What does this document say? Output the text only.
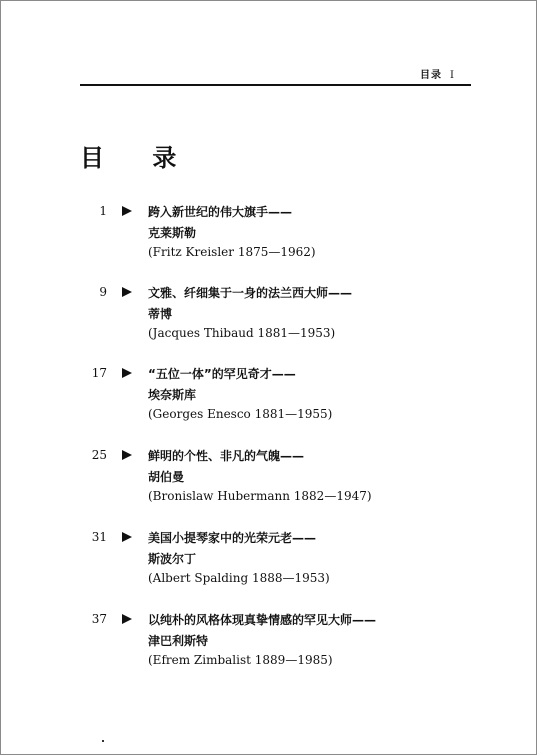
目录 I
目 录
1	跨入新世纪的伟大旗手——
克莱斯勒
(Fritz Kreisler 1875—1962)
9	文雅、纤细集于一身的法兰西大师——
蒂博
(Jacques Thibaud 1881—1953)
17	“五位一体”的罕见奇才——
埃奈斯库
(Georges Enesco 1881—1955)
25	鲜明的个性、非凡的气魄——
胡伯曼
(Bronislaw Hubermann 1882—1947)
31	美国小提琴家中的光荣元老——
斯波尔丁
(Albert Spalding 1888—1953)
37	以纯朴的风格体现真挚情感的罕见大师——
津巴利斯特
(Efrem Zimbalist 1889—1985)
